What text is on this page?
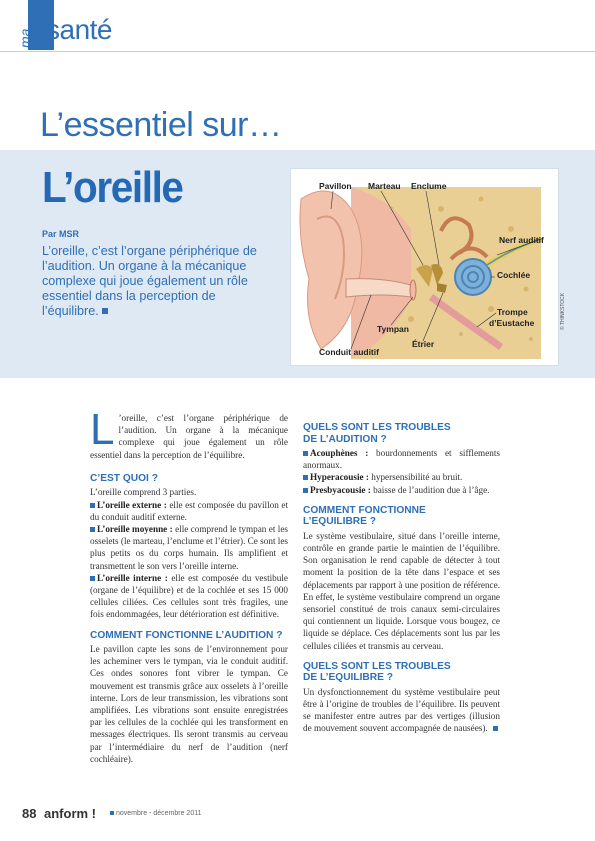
ma santé
L’essentiel sur…
L’oreille
Par MSR
L’oreille, c’est l’organe périphérique de l’audition. Un organe à la mécanique complexe qui joue également un rôle essentiel dans la perception de l’équilibre.
Pavillon Marteau Enclume
Nerf auditif
Cochlée
Trompe
d’Eustache
Tympan
Étrier
Conduit auditif
© THINKSTOCK

L ’oreille, c’est l’organe périphérique de l’audition. Un organe à la mécanique complexe qui joue également un rôle essentiel dans la perception de l’équilibre.

C’EST QUOI ?

L’oreille comprend 3 parties.

L’oreille externe : elle est composée du pavillon et du conduit auditif externe.

L’oreille moyenne : elle comprend le tympan et les osselets (le marteau, l’enclume et l’étrier). Ce sont les plus petits os du corps humain. Ils amplifient et transmettent le son vers l’oreille interne.

L’oreille interne : elle est composée du vestibule (organe de l’équilibre) et de la cochlée et ses 15 000 cellules ciliées. Ces cellules sont très fragiles, une fois endommagées, leur détérioration est définitive.

COMMENT FONCTIONNE L’AUDITION ?

Le pavillon capte les sons de l’environnement pour les acheminer vers le tympan, via le conduit auditif. Ces ondes sonores font vibrer le tympan. Ce mouvement est transmis grâce aux osselets à l’oreille interne. Lors de leur transmission, les vibrations sont amplifiées. Les vibrations sont ensuite enregistrées par les cellules de la cochlée qui les transforment en messages électriques. Ils seront transmis au cerveau par l’intermédiaire du nerf de l’audition (nerf cochléaire).

QUELS SONT LES TROUBLES
DE L’AUDITION ?

Acouphènes : bourdonnements et sifflements anormaux.

Hyperacousie : hypersensibilité au bruit.

Presbyacousie : baisse de l’audition due à l’âge.

COMMENT FONCTIONNE
L’EQUILIBRE ?

Le système vestibulaire, situé dans l’oreille interne, contrôle en grande partie le maintien de l’équilibre. Son organisation le rend capable de détecter à tout moment la position de la tête dans l’espace et ses déplacements par rapport à une position de référence. En effet, le système vestibulaire comprend un organe sensoriel constitué de trois canaux semi-circulaires qui contiennent un liquide. Lorsque vous bougez, ce liquide se déplace. Ces déplacements sont lus par les cellules ciliées et transmis au cerveau.

QUELS SONT LES TROUBLES
DE L’EQUILIBRE ?

Un dysfonctionnement du système vestibulaire peut être à l’origine de troubles de l’équilibre. Ils peuvent se manifester entre autres par des vertiges (illusion de mouvement souvent accompagnée de nausées).

88 anform !	novembre - décembre 2011
